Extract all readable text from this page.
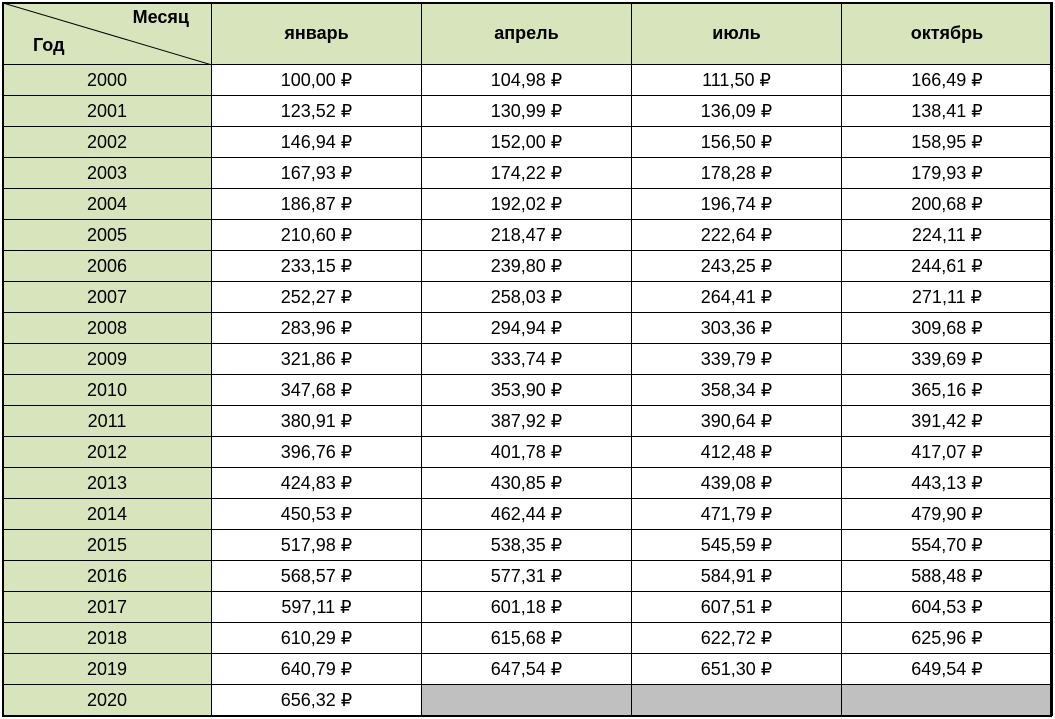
Месяц
Год	январь	апрель	июль	октябрь
2000	100,00 ₽	104,98 ₽	111,50 ₽	166,49 ₽
2001	123,52 ₽	130,99 ₽	136,09 ₽	138,41 ₽
2002	146,94 ₽	152,00 ₽	156,50 ₽	158,95 ₽
2003	167,93 ₽	174,22 ₽	178,28 ₽	179,93 ₽
2004	186,87 ₽	192,02 ₽	196,74 ₽	200,68 ₽
2005	210,60 ₽	218,47 ₽	222,64 ₽	224,11 ₽
2006	233,15 ₽	239,80 ₽	243,25 ₽	244,61 ₽
2007	252,27 ₽	258,03 ₽	264,41 ₽	271,11 ₽
2008	283,96 ₽	294,94 ₽	303,36 ₽	309,68 ₽
2009	321,86 ₽	333,74 ₽	339,79 ₽	339,69 ₽
2010	347,68 ₽	353,90 ₽	358,34 ₽	365,16 ₽
2011	380,91 ₽	387,92 ₽	390,64 ₽	391,42 ₽
2012	396,76 ₽	401,78 ₽	412,48 ₽	417,07 ₽
2013	424,83 ₽	430,85 ₽	439,08 ₽	443,13 ₽
2014	450,53 ₽	462,44 ₽	471,79 ₽	479,90 ₽
2015	517,98 ₽	538,35 ₽	545,59 ₽	554,70 ₽
2016	568,57 ₽	577,31 ₽	584,91 ₽	588,48 ₽
2017	597,11 ₽	601,18 ₽	607,51 ₽	604,53 ₽
2018	610,29 ₽	615,68 ₽	622,72 ₽	625,96 ₽
2019	640,79 ₽	647,54 ₽	651,30 ₽	649,54 ₽
2020	656,32 ₽			
